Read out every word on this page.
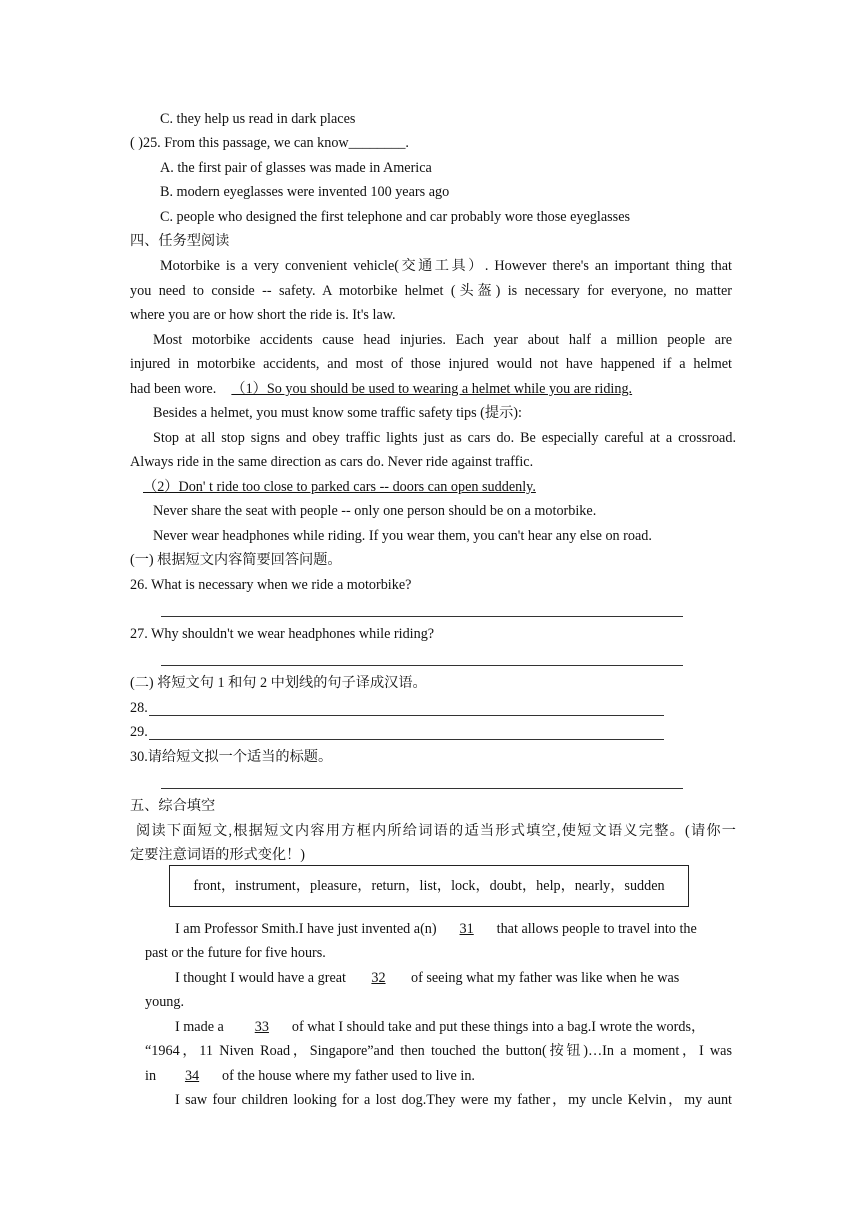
C. they help us read in dark places
( )25. From this passage, we can know________.
A. the first pair of glasses was made in America
B. modern eyeglasses were invented 100 years ago
C. people who designed the first telephone and car probably wore those eyeglasses
四、任务型阅读
Motorbike is a very convenient vehicle(交通工具）. However there's an important thing that
you need to conside -- safety. A motorbike helmet (头盔) is necessary for everyone, no matter
where you are or how short the ride is. It's law.
Most motorbike accidents cause head injuries. Each year about half a million people are
injured in motorbike accidents, and most of those injured would not have happened if a helmet
had been wore. （1）So you should be used to wearing a helmet while you are riding.
Besides a helmet, you must know some traffic safety tips (提示):
Stop at all stop signs and obey traffic lights just as cars do. Be especially careful at a crossroad.
Always ride in the same direction as cars do. Never ride against traffic.
（2）Don' t ride too close to parked cars -- doors can open suddenly.
Never share the seat with people -- only one person should be on a motorbike.
Never wear headphones while riding. If you wear them, you can't hear any else on road.
(一) 根据短文内容简要回答问题。
26. What is necessary when we ride a motorbike?
27. Why shouldn't we wear headphones while riding?
(二) 将短文句 1 和句 2 中划线的句子译成汉语。
28.
29.
30.请给短文拟一个适当的标题。
五、综合填空
阅读下面短文,根据短文内容用方框内所给词语的适当形式填空,使短文语义完整。(请你一
定要注意词语的形式变化！)
front，instrument，pleasure，return，list，lock，doubt，help，nearly，sudden
I am Professor Smith.I have just invented a(n) 31 that allows people to travel into the
past or the future for five hours.
I thought I would have a great 32 of seeing what my father was like when he was
young.
I made a 33 of what I should take and put these things into a bag.I wrote the words，
“1964，11 Niven Road，Singapore”and then touched the button(按钮)…In a moment，I was
in 34 of the house where my father used to live in.
I saw four children looking for a lost dog.They were my father，my uncle Kelvin，my aunt
